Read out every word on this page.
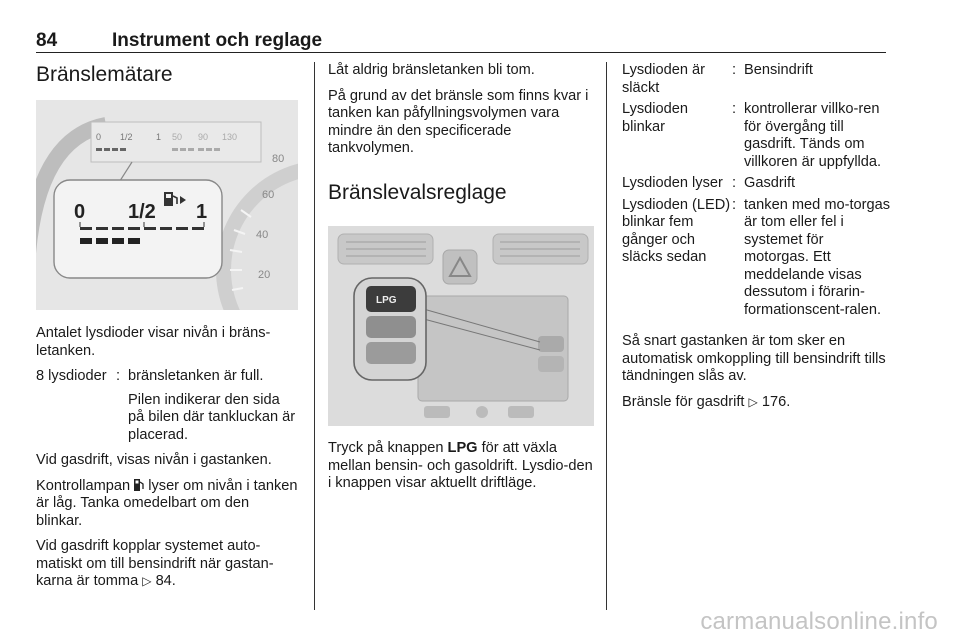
84	Instrument och reglage
Bränslemätare
0 1/2	1 50 90 130
0 1/2 1
80
60
40
20

Antalet lysdioder visar nivån i bräns-letanken.

8 lysdioder : bränsletanken är full.
Pilen indikerar den sida på bilen där tankluckan är placerad.

Vid gasdrift, visas nivån i gastanken.

Kontrollampan lyser om nivån i tanken är låg. Tanka omedelbart om den blinkar.

Vid gasdrift kopplar systemet auto-matiskt om till bensindrift när gastan-karna är tomma ▷ 84.

Låt aldrig bränsletanken bli tom.

På grund av det bränsle som finns kvar i tanken kan påfyllningsvolymen vara mindre än den specificerade tankvolymen.

Bränslevalsreglage
LPG

Tryck på knappen LPG för att växla mellan bensin- och gasoldrift. Lysdio-den i knappen visar aktuellt driftläge.

Lysdioden är släckt
: Bensindrift
Lysdioden blinkar
: kontrollerar villko-ren för övergång till gasdrift. Tänds om villkoren är uppfyllda.
Lysdioden lyser : Gasdrift
Lysdioden (LED) blinkar fem gånger och släcks sedan
: tanken med mo-torgas är tom eller fel i systemet för motorgas. Ett meddelande visas dessutom i förarin-formationscent-ralen.

Så snart gastanken är tom sker en automatisk omkoppling till bensindrift tills tändningen slås av.

Bränsle för gasdrift ▷ 176.

carmanualsonline.info
